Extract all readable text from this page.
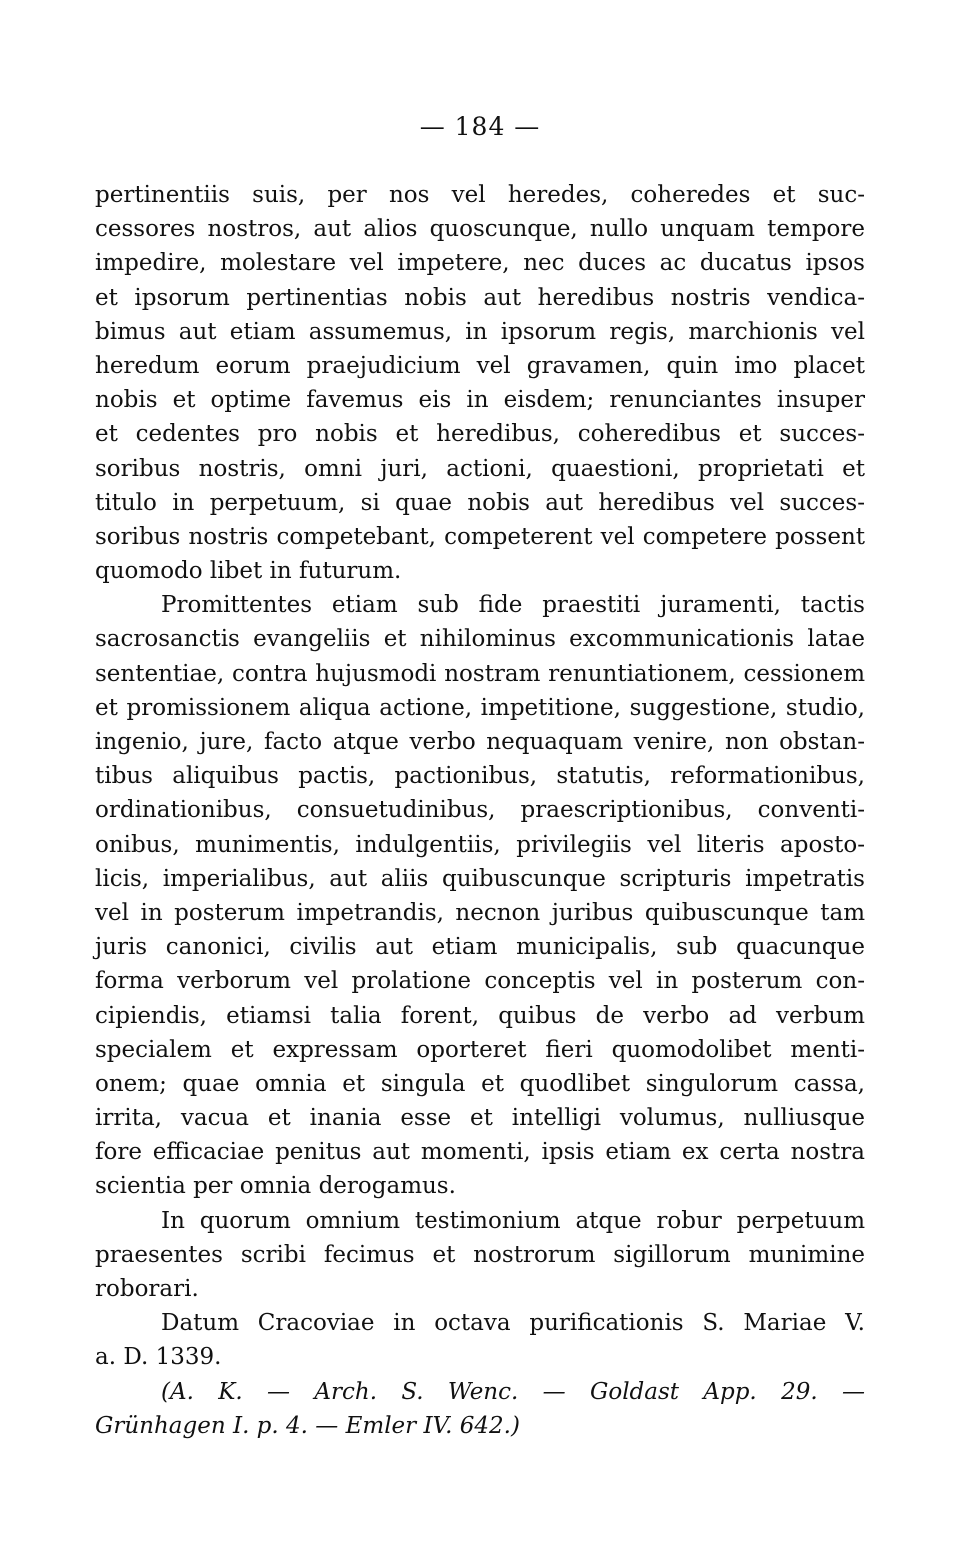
— 184 —
pertinentiis suis, per nos vel heredes, coheredes et suc-
cessores nostros, aut alios quoscunque, nullo unquam tempore
impedire, molestare vel impetere, nec duces ac ducatus ipsos
et ipsorum pertinentias nobis aut heredibus nostris vendica-
bimus aut etiam assumemus, in ipsorum regis, marchionis vel
heredum eorum praejudicium vel gravamen, quin imo placet
nobis et optime favemus eis in eisdem; renunciantes insuper
et cedentes pro nobis et heredibus, coheredibus et succes-
soribus nostris, omni juri, actioni, quaestioni, proprietati et
titulo in perpetuum, si quae nobis aut heredibus vel succes-
soribus nostris competebant, competerent vel competere possent
quomodo libet in futurum.
Promittentes etiam sub fide praestiti juramenti, tactis
sacrosanctis evangeliis et nihilominus excommunicationis latae
sententiae, contra hujusmodi nostram renuntiationem, cessionem
et promissionem aliqua actione, impetitione, suggestione, studio,
ingenio, jure, facto atque verbo nequaquam venire, non obstan-
tibus aliquibus pactis, pactionibus, statutis, reformationibus,
ordinationibus, consuetudinibus, praescriptionibus, conventi-
onibus, munimentis, indulgentiis, privilegiis vel literis aposto-
licis, imperialibus, aut aliis quibuscunque scripturis impetratis
vel in posterum impetrandis, necnon juribus quibuscunque tam
juris canonici, civilis aut etiam municipalis, sub quacunque
forma verborum vel prolatione conceptis vel in posterum con-
cipiendis, etiamsi talia forent, quibus de verbo ad verbum
specialem et expressam oporteret fieri quomodolibet menti-
onem; quae omnia et singula et quodlibet singulorum cassa,
irrita, vacua et inania esse et intelligi volumus, nulliusque
fore efficaciae penitus aut momenti, ipsis etiam ex certa nostra
scientia per omnia derogamus.
In quorum omnium testimonium atque robur perpetuum
praesentes scribi fecimus et nostrorum sigillorum munimine
roborari.
Datum Cracoviae in octava purificationis S. Mariae V.
a. D. 1339.
(A. K. — Arch. S. Wenc. — Goldast App. 29. —
Grünhagen I. p. 4. — Emler IV. 642.)
